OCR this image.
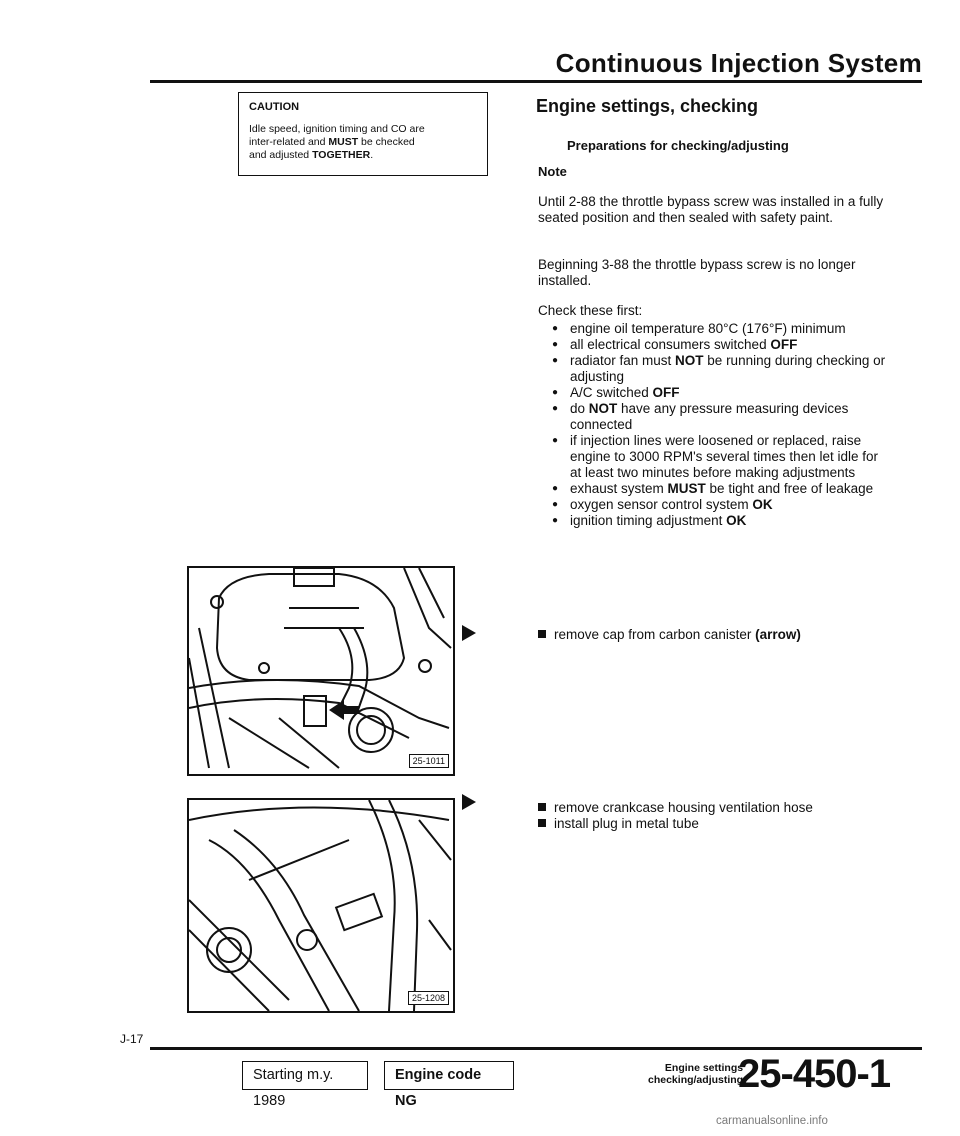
Continuous Injection System
CAUTION
Idle speed, ignition timing and CO are
inter-related and MUST be checked
and adjusted TOGETHER.
Engine settings, checking
Preparations for checking/adjusting
Note
Until 2-88 the throttle bypass screw was installed in a fully seated position and then sealed with safety paint.
Beginning 3-88 the throttle bypass screw is no longer installed.
Check these first:
● engine oil temperature 80°C (176°F) minimum
● all electrical consumers switched OFF
● radiator fan must NOT be running during checking or adjusting
● A/C switched OFF
● do NOT have any pressure measuring devices connected
● if injection lines were loosened or replaced, raise engine to 3000 RPM's several times then let idle for at least two minutes before making adjustments
● exhaust system MUST be tight and free of leakage
● oxygen sensor control system OK
● ignition timing adjustment OK
remove cap from carbon canister (arrow)
remove crankcase housing ventilation hose
install plug in metal tube
25-1011
25-1208
J-17
Starting m.y. 1989
Engine code NG
Engine settings
checking/adjusting
25-450-1
carmanualsonline.info
